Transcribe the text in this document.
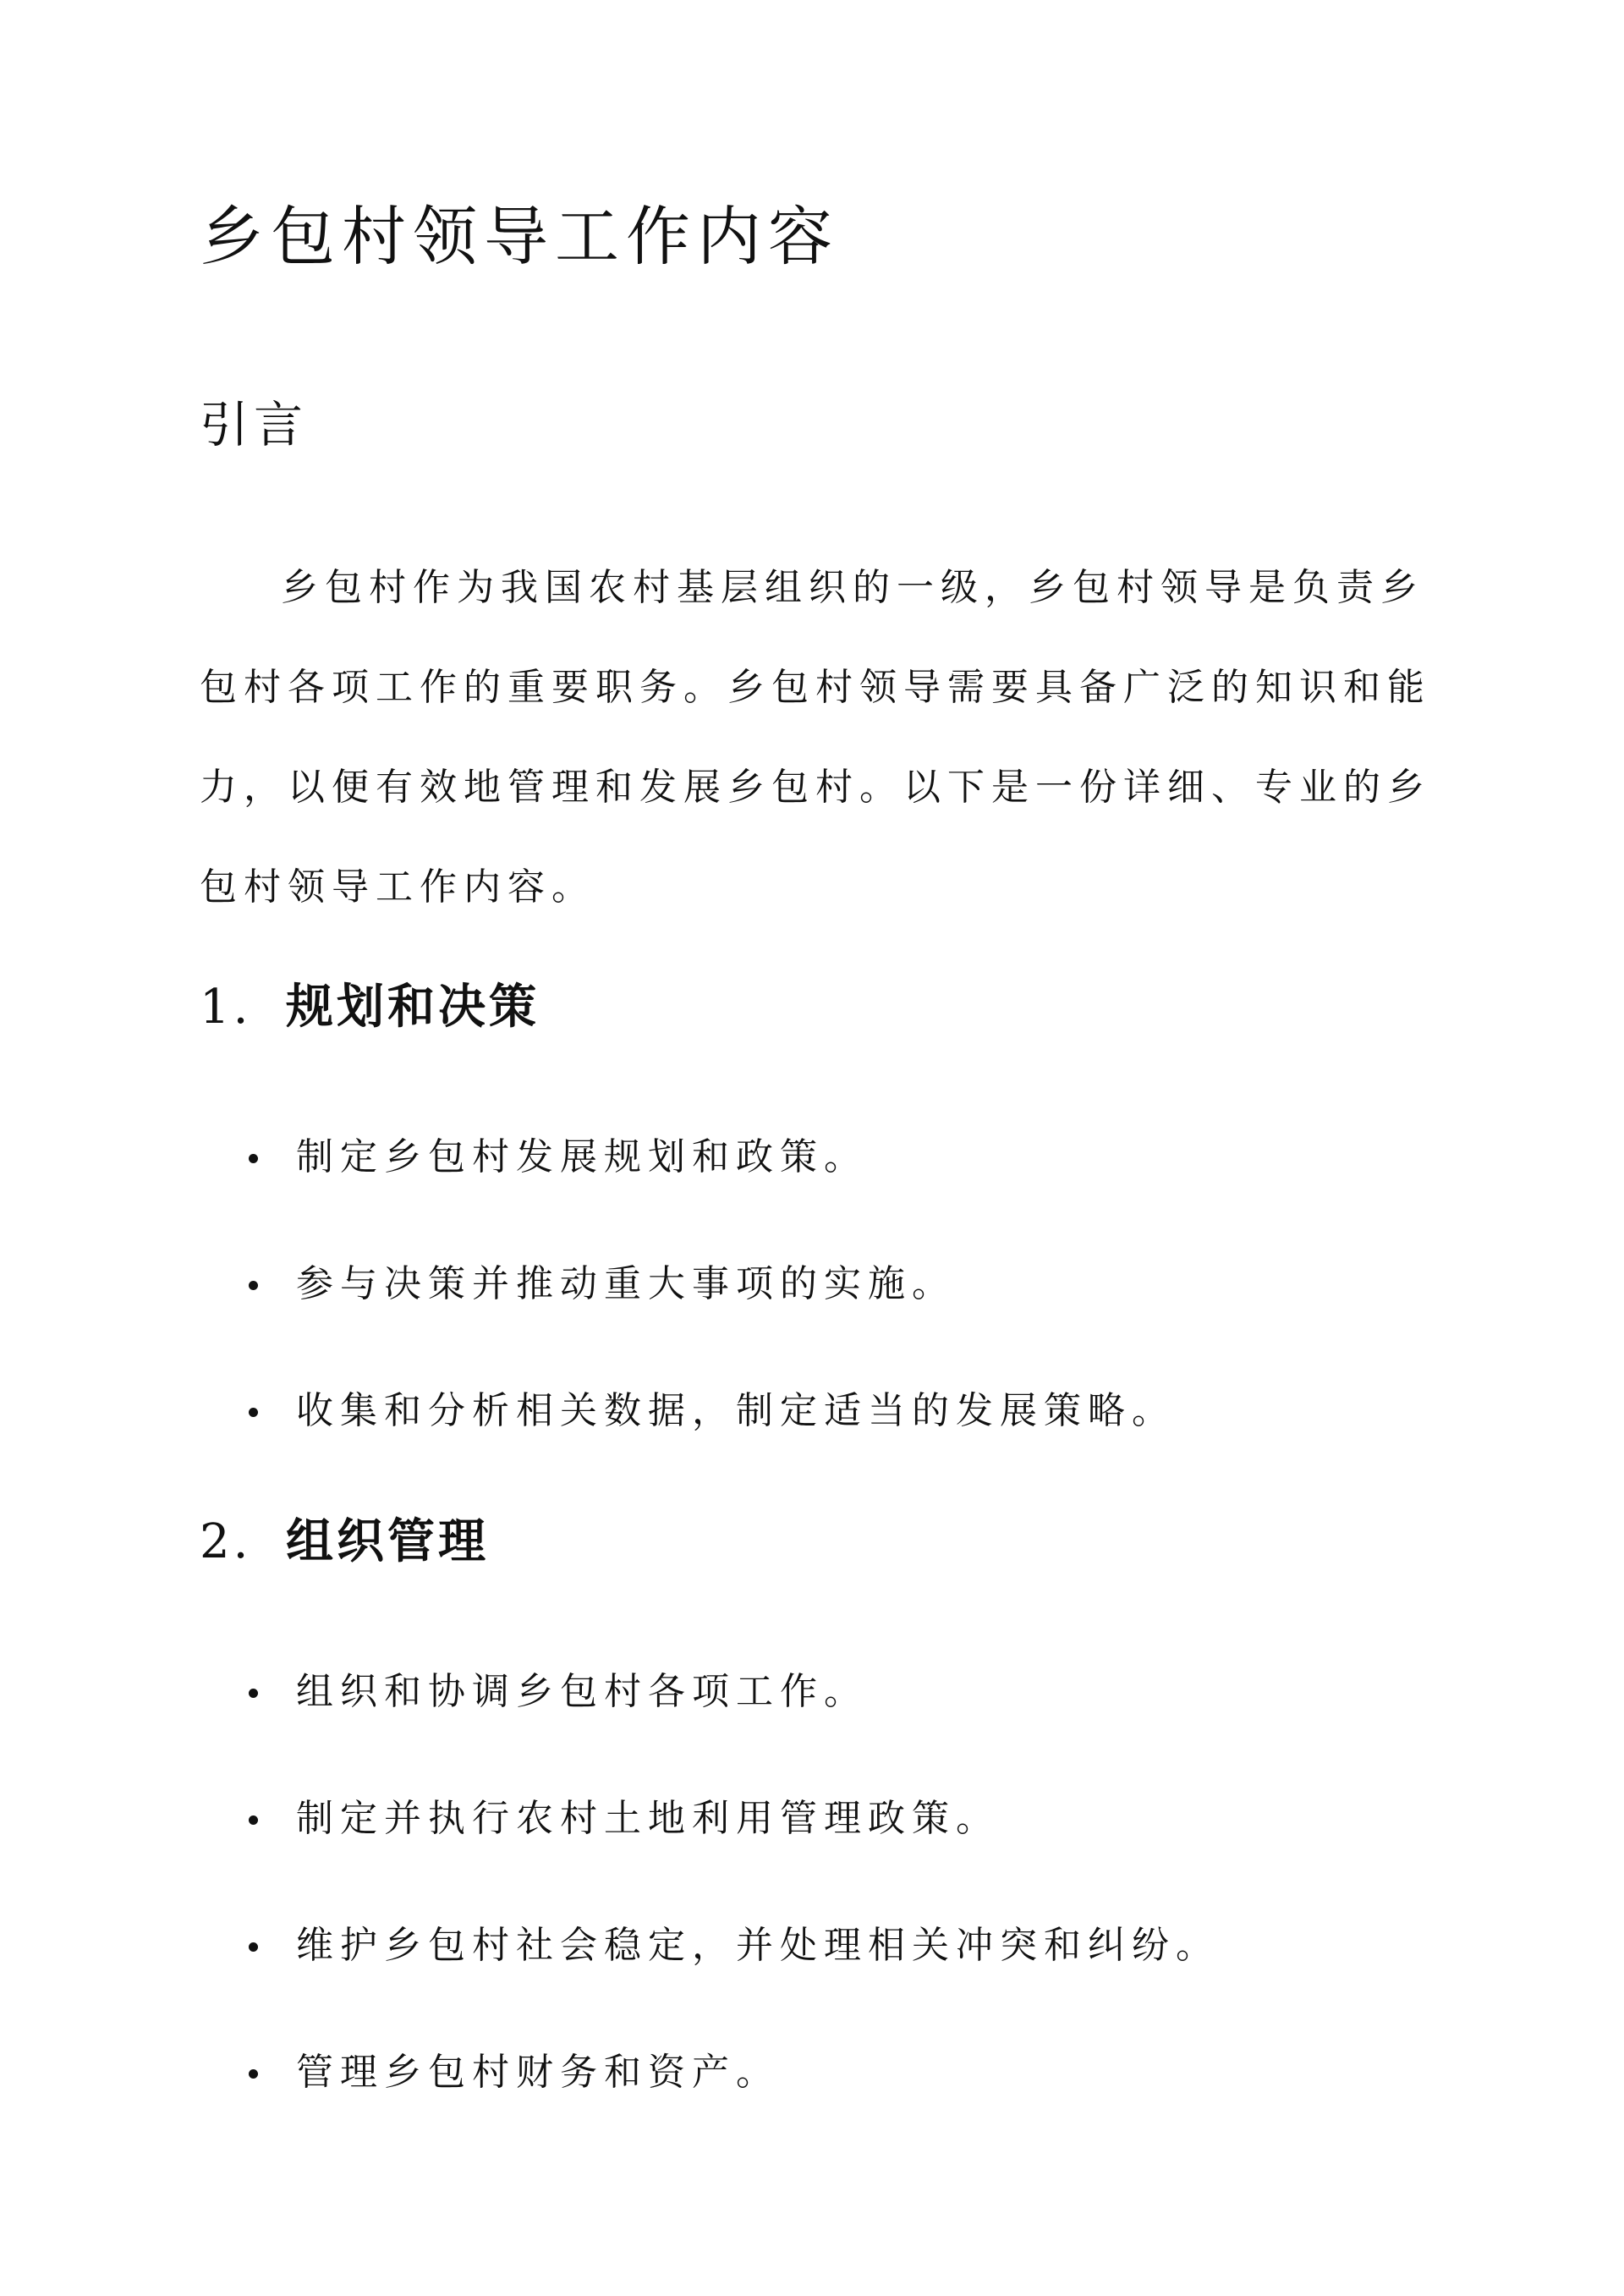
乡包村领导工作内容
引言

乡包村作为我国农村基层组织的一级，乡包村领导是负责乡包村各项工作的重要职务。乡包村领导需要具备广泛的知识和能力，以便有效地管理和发展乡包村。以下是一份详细、专业的乡包村领导工作内容。

1. 规划和决策
制定乡包村发展规划和政策。
参与决策并推动重大事项的实施。
收集和分析相关数据，制定适当的发展策略。
2. 组织管理
组织和协调乡包村各项工作。
制定并执行农村土地利用管理政策。
维护乡包村社会稳定，并处理相关冲突和纠纷。
管理乡包村财务和资产。
